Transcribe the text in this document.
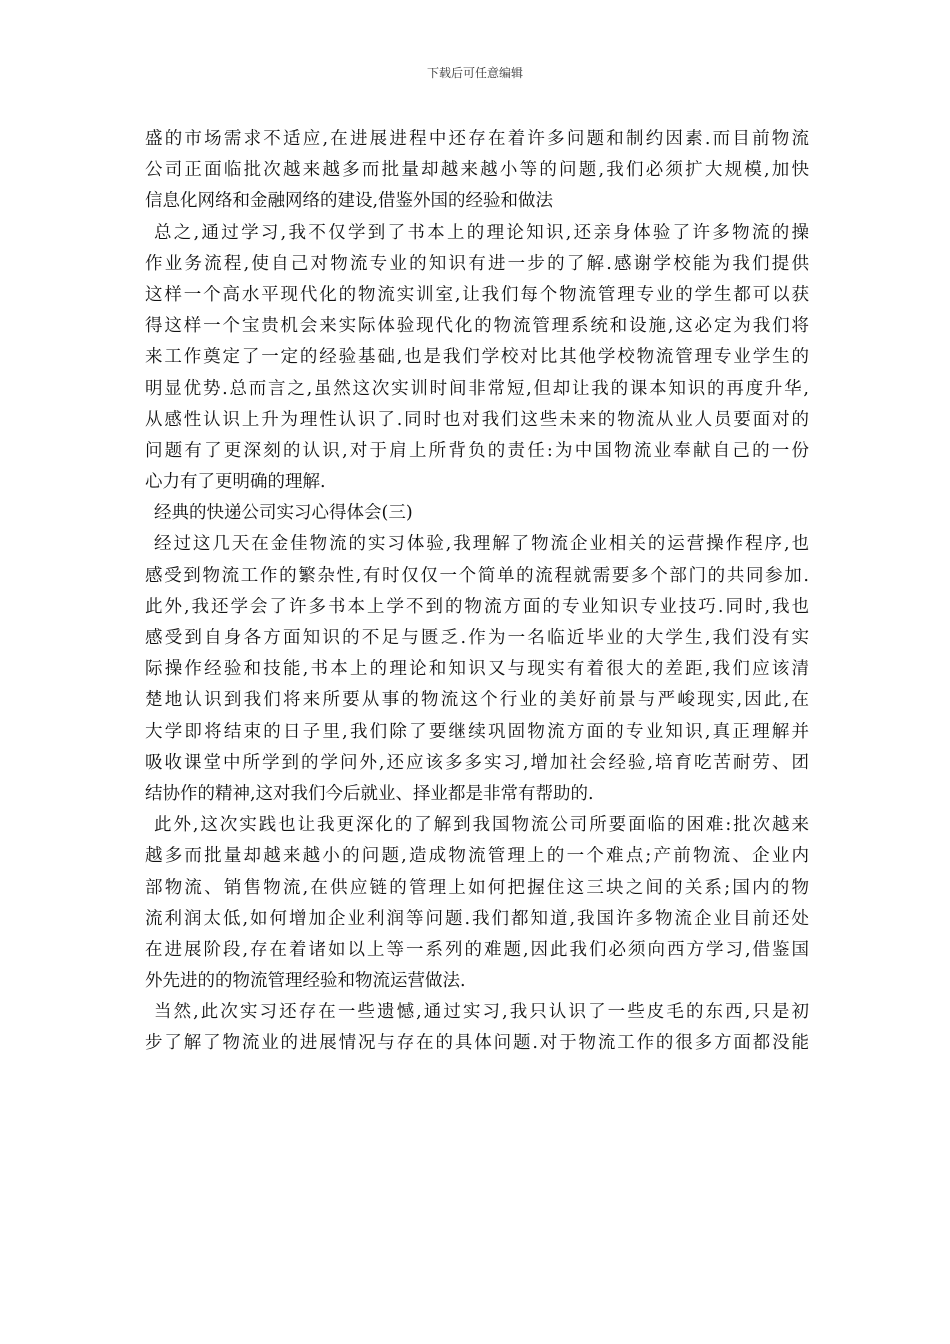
下载后可任意编辑
盛的市场需求不适应,在进展进程中还存在着许多问题和制约因素.而目前物流
公司正面临批次越来越多而批量却越来越小等的问题,我们必须扩大规模,加快
信息化网络和金融网络的建设,借鉴外国的经验和做法
总之,通过学习,我不仅学到了书本上的理论知识,还亲身体验了许多物流的操
作业务流程,使自己对物流专业的知识有进一步的了解.感谢学校能为我们提供
这样一个高水平现代化的物流实训室,让我们每个物流管理专业的学生都可以获
得这样一个宝贵机会来实际体验现代化的物流管理系统和设施,这必定为我们将
来工作奠定了一定的经验基础,也是我们学校对比其他学校物流管理专业学生的
明显优势.总而言之,虽然这次实训时间非常短,但却让我的课本知识的再度升华,
从感性认识上升为理性认识了.同时也对我们这些未来的物流从业人员要面对的
问题有了更深刻的认识,对于肩上所背负的责任:为中国物流业奉献自己的一份
心力有了更明确的理解.
经典的快递公司实习心得体会(三)
经过这几天在金佳物流的实习体验,我理解了物流企业相关的运营操作程序,也
感受到物流工作的繁杂性,有时仅仅一个简单的流程就需要多个部门的共同参加.
此外,我还学会了许多书本上学不到的物流方面的专业知识专业技巧.同时,我也
感受到自身各方面知识的不足与匮乏.作为一名临近毕业的大学生,我们没有实
际操作经验和技能,书本上的理论和知识又与现实有着很大的差距,我们应该清
楚地认识到我们将来所要从事的物流这个行业的美好前景与严峻现实,因此,在
大学即将结束的日子里,我们除了要继续巩固物流方面的专业知识,真正理解并
吸收课堂中所学到的学问外,还应该多多实习,增加社会经验,培育吃苦耐劳、团
结协作的精神,这对我们今后就业、择业都是非常有帮助的.
此外,这次实践也让我更深化的了解到我国物流公司所要面临的困难:批次越来
越多而批量却越来越小的问题,造成物流管理上的一个难点;产前物流、企业内
部物流、销售物流,在供应链的管理上如何把握住这三块之间的关系;国内的物
流利润太低,如何增加企业利润等问题.我们都知道,我国许多物流企业目前还处
在进展阶段,存在着诸如以上等一系列的难题,因此我们必须向西方学习,借鉴国
外先进的的物流管理经验和物流运营做法.
当然,此次实习还存在一些遗憾,通过实习,我只认识了一些皮毛的东西,只是初
步了解了物流业的进展情况与存在的具体问题.对于物流工作的很多方面都没能
